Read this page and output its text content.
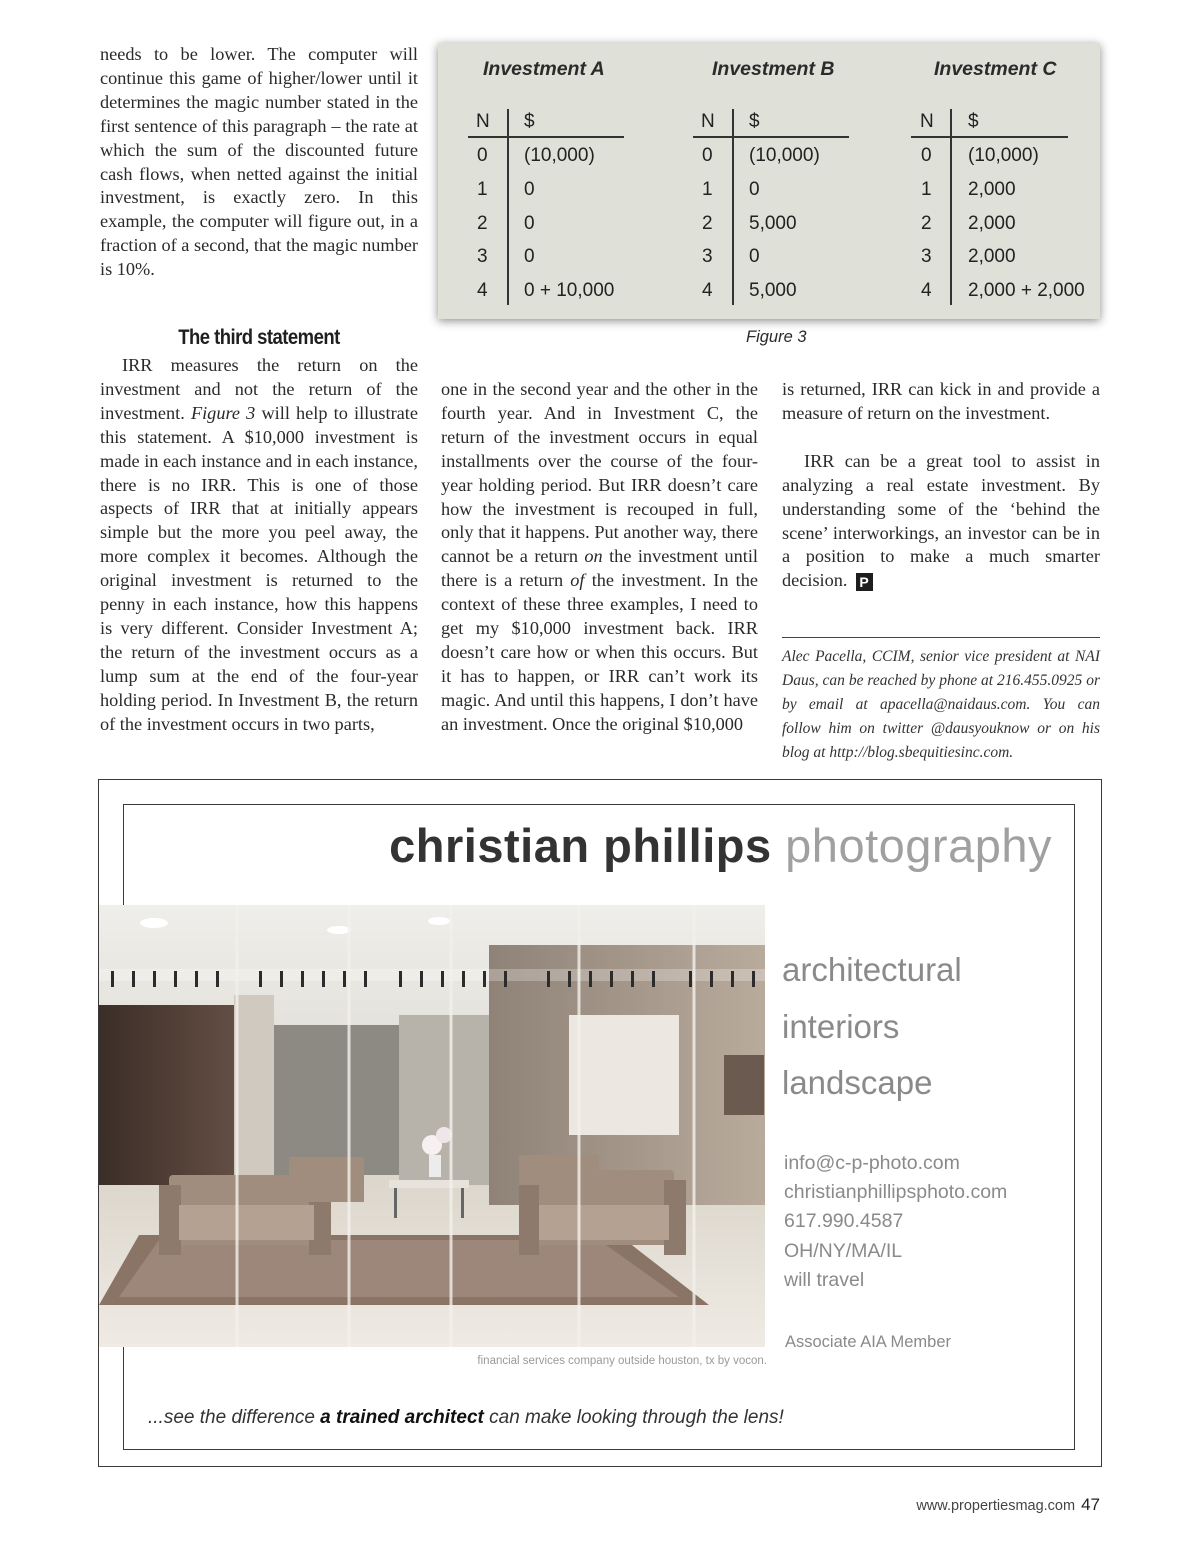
needs to be lower. The computer will continue this game of higher/lower until it determines the magic number stated in the first sentence of this paragraph – the rate at which the sum of the discounted future cash flows, when netted against the initial investment, is exactly zero. In this example, the computer will figure out, in a fraction of a second, that the magic number is 10%.

The third statement

IRR measures the return on the investment and not the return of the investment. Figure 3 will help to illustrate this statement. A $10,000 investment is made in each instance and in each instance, there is no IRR. This is one of those aspects of IRR that at initially appears simple but the more you peel away, the more complex it becomes. Although the original investment is returned to the penny in each instance, how this happens is very different. Consider Investment A; the return of the investment occurs as a lump sum at the end of the four-year holding period. In Investment B, the return of the investment occurs in two parts,

one in the second year and the other in the fourth year. And in Investment C, the return of the investment occurs in equal installments over the course of the four-year holding period. But IRR doesn’t care how the investment is recouped in full, only that it happens. Put another way, there cannot be a return on the investment until there is a return of the investment. In the context of these three examples, I need to get my $10,000 investment back. IRR doesn’t care how or when this occurs. But it has to happen, or IRR can’t work its magic. And until this happens, I don’t have an investment. Once the original $10,000

is returned, IRR can kick in and provide a measure of return on the investment.

IRR can be a great tool to assist in analyzing a real estate investment. By understanding some of the ‘behind the scene’ interworkings, an investor can be in a position to make a much smarter decision. P

Alec Pacella, CCIM, senior vice president at NAI Daus, can be reached by phone at 216.455.0925 or by email at apacella@naidaus.com. You can follow him on twitter @dausyouknow or on his blog at http://blog.sbequitiesinc.com.
Investment A
N $
0 (10,000)
1 0
2 0
3 0
4 0 + 10,000
Investment B
N $
0 (10,000)
1 0
2 5,000
3 0
4 5,000
Investment C
N $
0 (10,000)
1 2,000
2 2,000
3 2,000
4 2,000 + 2,000
Figure 3
christian phillips photography
financial services company outside houston, tx by vocon.
architectural
interiors
landscape
info@c-p-photo.com
christianphillipsphoto.com
617.990.4587
OH/NY/MA/IL
will travel
Associate AIA Member
...see the difference a trained architect can make looking through the lens!
www.propertiesmag.com 47
